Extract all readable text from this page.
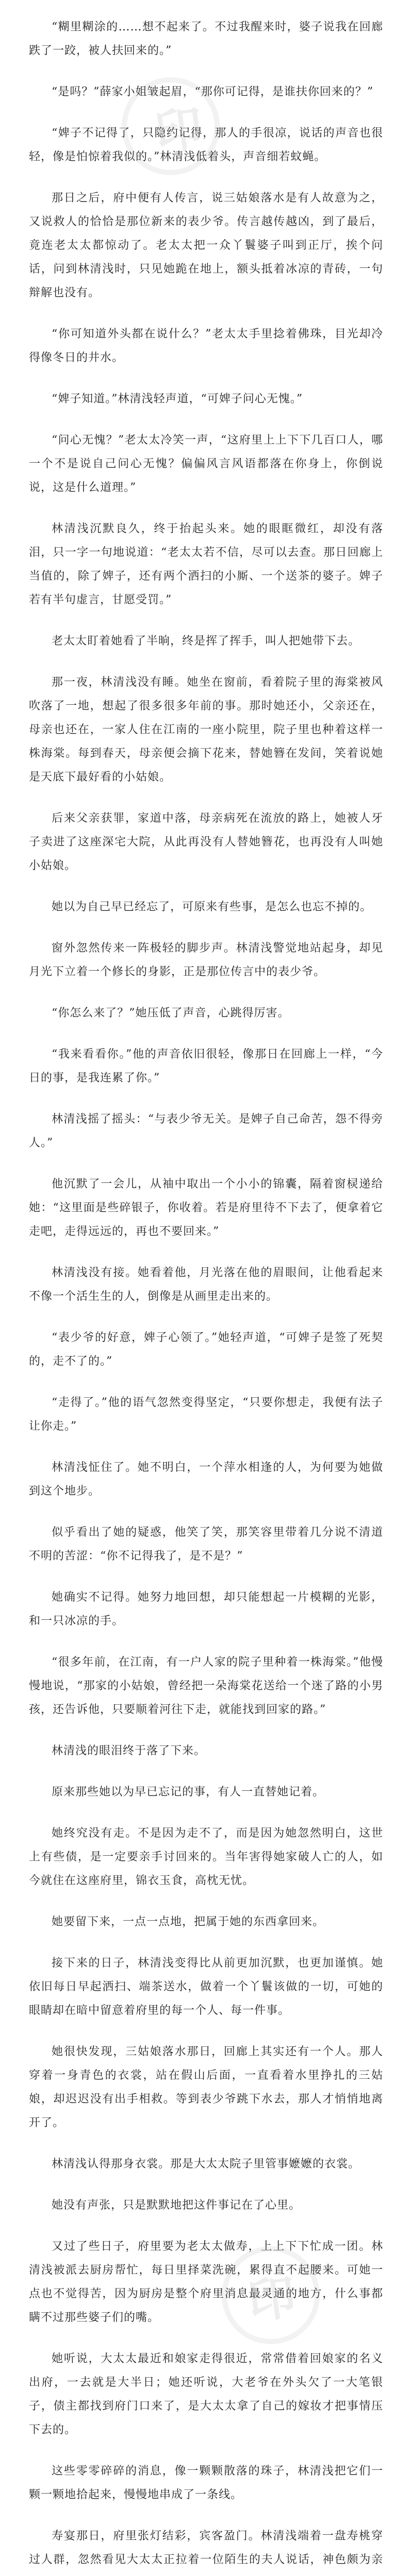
“糊里糊涂的……想不起来了。不过我醒来时，婆子说我在回廊跌了一跤，被人扶回来的。”

“是吗？”薛家小姐皱起眉，“那你可记得，是谁扶你回来的？”

“婢子不记得了，只隐约记得，那人的手很凉，说话的声音也很轻，像是怕惊着我似的。”林清浅低着头，声音细若蚊蝇。

那日之后，府中便有人传言，说三姑娘落水是有人故意为之，又说救人的恰恰是那位新来的表少爷。传言越传越凶，到了最后，竟连老太太都惊动了。老太太把一众丫鬟婆子叫到正厅，挨个问话，问到林清浅时，只见她跪在地上，额头抵着冰凉的青砖，一句辩解也没有。

“你可知道外头都在说什么？”老太太手里捻着佛珠，目光却冷得像冬日的井水。

“婢子知道。”林清浅轻声道，“可婢子问心无愧。”

“问心无愧？”老太太冷笑一声，“这府里上上下下几百口人，哪一个不是说自己问心无愧？偏偏风言风语都落在你身上，你倒说说，这是什么道理。”

林清浅沉默良久，终于抬起头来。她的眼眶微红，却没有落泪，只一字一句地说道：“老太太若不信，尽可以去查。那日回廊上当值的，除了婢子，还有两个洒扫的小厮、一个送茶的婆子。婢子若有半句虚言，甘愿受罚。”

老太太盯着她看了半晌，终是挥了挥手，叫人把她带下去。

那一夜，林清浅没有睡。她坐在窗前，看着院子里的海棠被风吹落了一地，想起了很多很多年前的事。那时她还小，父亲还在，母亲也还在，一家人住在江南的一座小院里，院子里也种着这样一株海棠。每到春天，母亲便会摘下花来，替她簪在发间，笑着说她是天底下最好看的小姑娘。

后来父亲获罪，家道中落，母亲病死在流放的路上，她被人牙子卖进了这座深宅大院，从此再没有人替她簪花，也再没有人叫她小姑娘。

她以为自己早已经忘了，可原来有些事，是怎么也忘不掉的。

窗外忽然传来一阵极轻的脚步声。林清浅警觉地站起身，却见月光下立着一个修长的身影，正是那位传言中的表少爷。

“你怎么来了？”她压低了声音，心跳得厉害。

“我来看看你。”他的声音依旧很轻，像那日在回廊上一样，“今日的事，是我连累了你。”

林清浅摇了摇头：“与表少爷无关。是婢子自己命苦，怨不得旁人。”

他沉默了一会儿，从袖中取出一个小小的锦囊，隔着窗棂递给她：“这里面是些碎银子，你收着。若是府里待不下去了，便拿着它走吧，走得远远的，再也不要回来。”

林清浅没有接。她看着他，月光落在他的眉眼间，让他看起来不像一个活生生的人，倒像是从画里走出来的。

“表少爷的好意，婢子心领了。”她轻声道，“可婢子是签了死契的，走不了的。”

“走得了。”他的语气忽然变得坚定，“只要你想走，我便有法子让你走。”

林清浅怔住了。她不明白，一个萍水相逢的人，为何要为她做到这个地步。

似乎看出了她的疑惑，他笑了笑，那笑容里带着几分说不清道不明的苦涩：“你不记得我了，是不是？”

她确实不记得。她努力地回想，却只能想起一片模糊的光影，和一只冰凉的手。

“很多年前，在江南，有一户人家的院子里种着一株海棠。”他慢慢地说，“那家的小姑娘，曾经把一朵海棠花送给一个迷了路的小男孩，还告诉他，只要顺着河往下走，就能找到回家的路。”

林清浅的眼泪终于落了下来。

原来那些她以为早已忘记的事，有人一直替她记着。

她终究没有走。不是因为走不了，而是因为她忽然明白，这世上有些债，是一定要亲手讨回来的。当年害得她家破人亡的人，如今就住在这座府里，锦衣玉食，高枕无忧。

她要留下来，一点一点地，把属于她的东西拿回来。

接下来的日子，林清浅变得比从前更加沉默，也更加谨慎。她依旧每日早起洒扫、端茶送水，做着一个丫鬟该做的一切，可她的眼睛却在暗中留意着府里的每一个人、每一件事。

她很快发现，三姑娘落水那日，回廊上其实还有一个人。那人穿着一身青色的衣裳，站在假山后面，一直看着水里挣扎的三姑娘，却迟迟没有出手相救。等到表少爷跳下水去，那人才悄悄地离开了。

林清浅认得那身衣裳。那是大太太院子里管事嬷嬷的衣裳。

她没有声张，只是默默地把这件事记在了心里。

又过了些日子，府里要为老太太做寿，上上下下忙成一团。林清浅被派去厨房帮忙，每日里择菜洗碗，累得直不起腰来。可她一点也不觉得苦，因为厨房是整个府里消息最灵通的地方，什么事都瞒不过那些婆子们的嘴。

她听说，大太太最近和娘家走得很近，常常借着回娘家的名义出府，一去就是大半日；她还听说，大老爷在外头欠了一大笔银子，债主都找到府门口来了，是大太太拿了自己的嫁妆才把事情压下去的。

这些零零碎碎的消息，像一颗颗散落的珠子，林清浅把它们一颗一颗地拾起来，慢慢地串成了一条线。

寿宴那日，府里张灯结彩，宾客盈门。林清浅端着一盘寿桃穿过人群，忽然看见大太太正拉着一位陌生的夫人说话，神色颇为亲

印
印
